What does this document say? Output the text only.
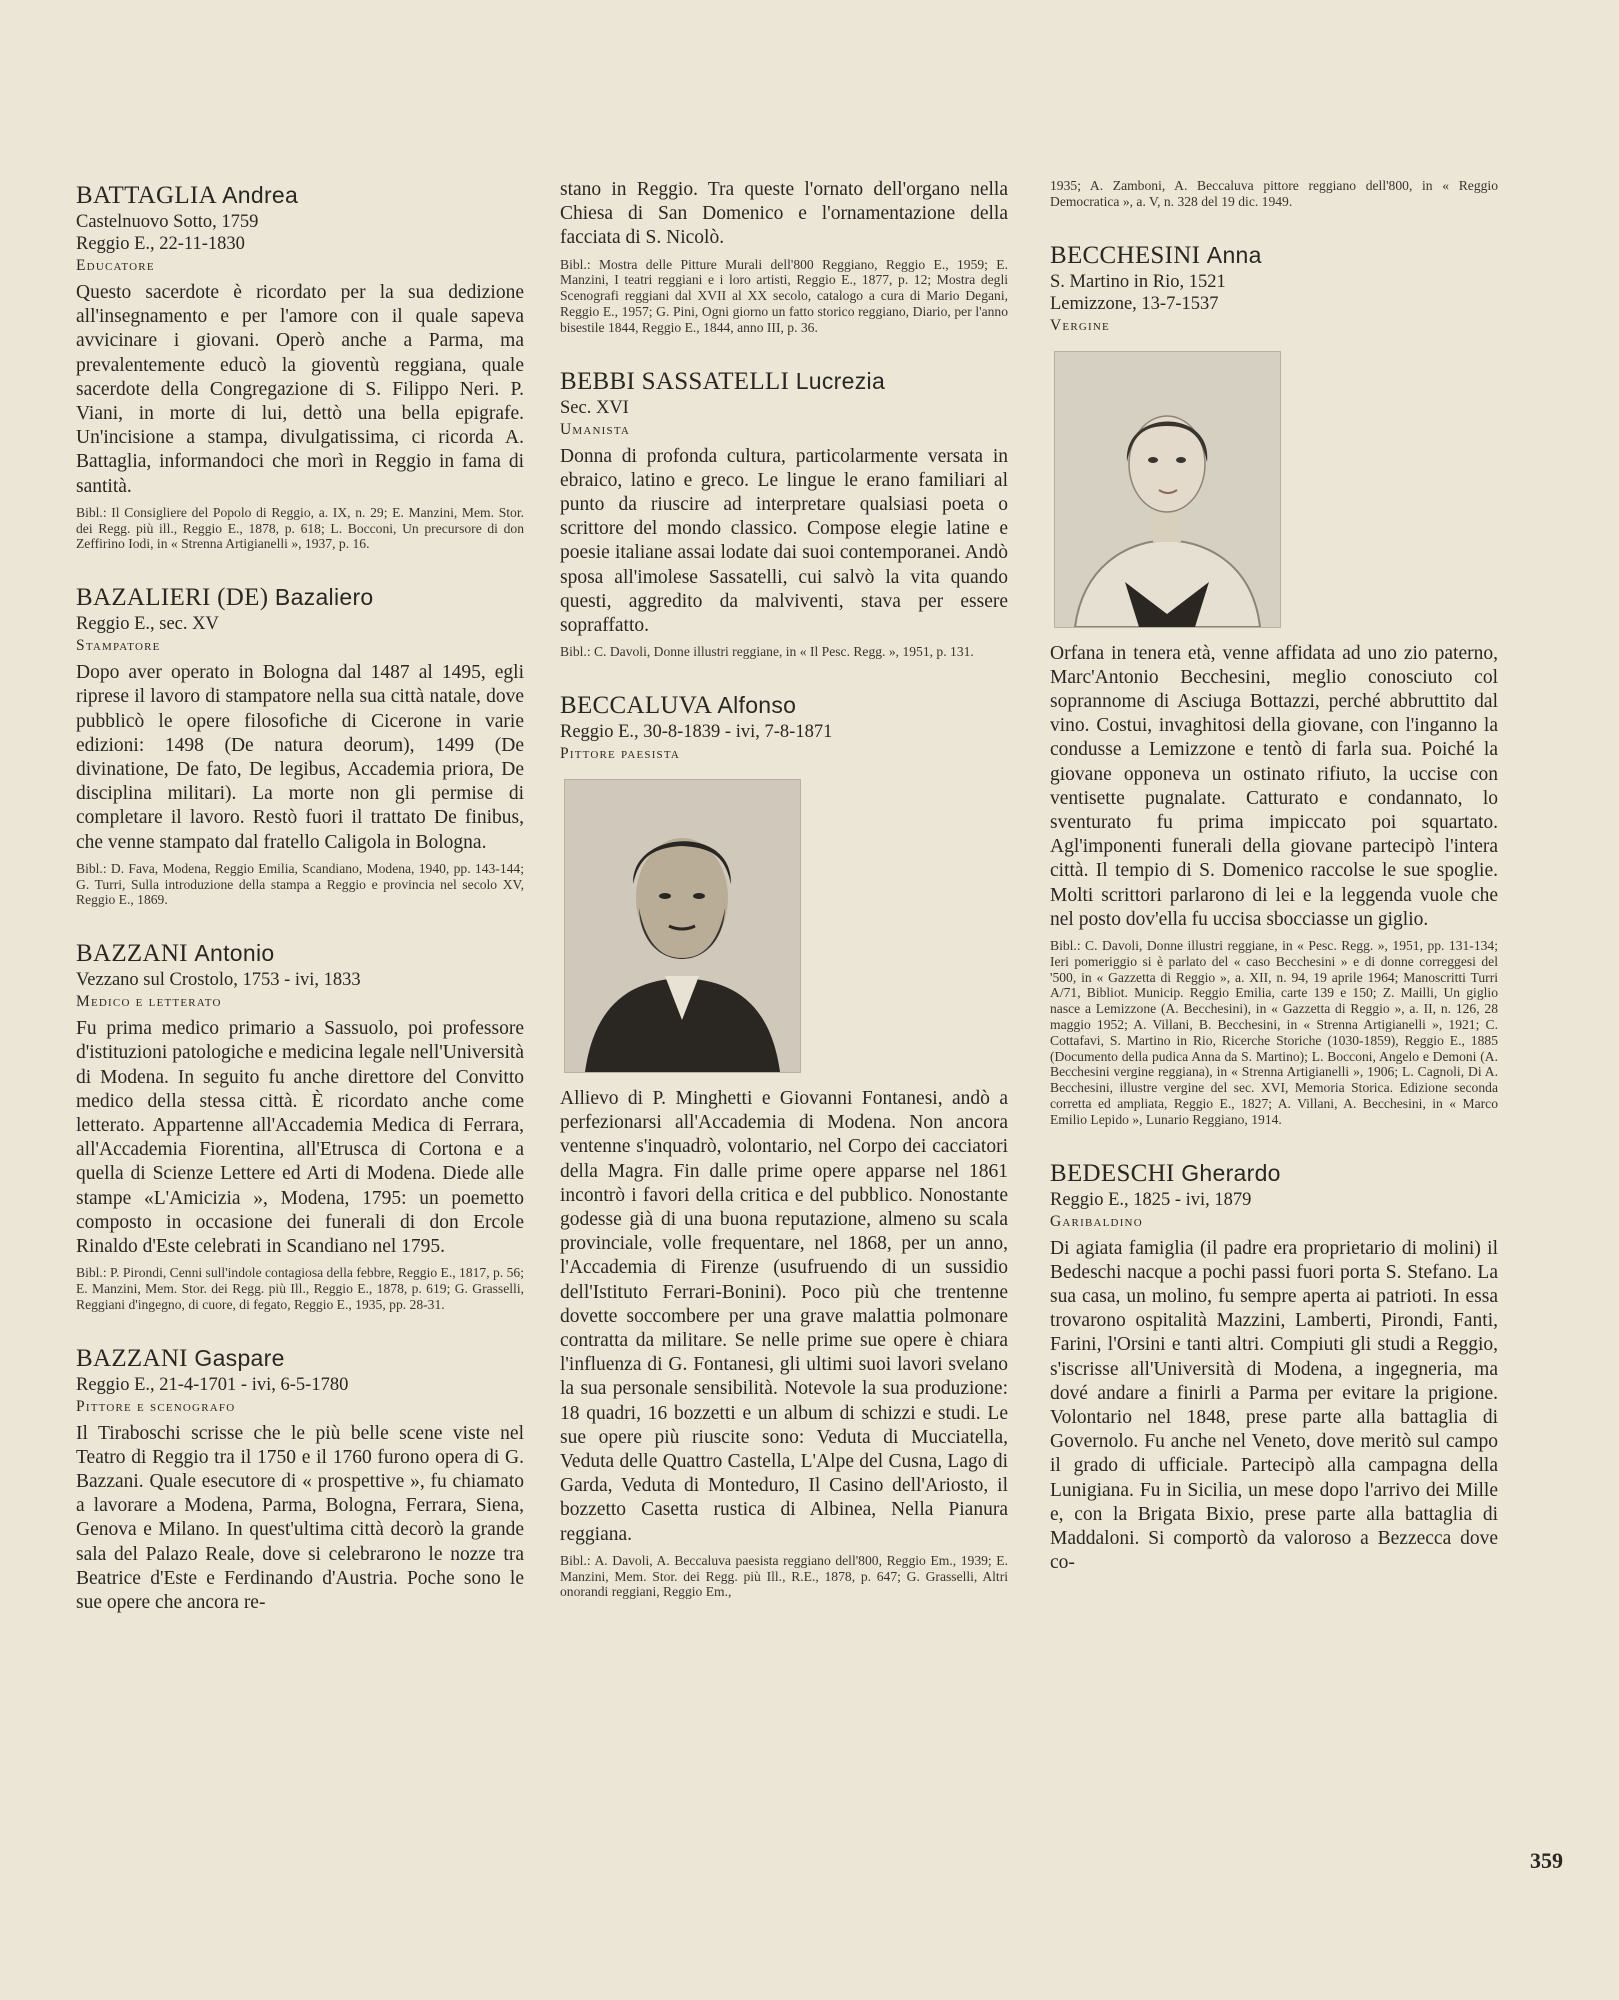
BATTAGLIA Andrea
Castelnuovo Sotto, 1759
Reggio E., 22-11-1830
Educatore

Questo sacerdote è ricordato per la sua dedizione all'insegnamento e per l'amore con il quale sapeva avvicinare i giovani. Operò anche a Parma, ma prevalentemente educò la gioventù reggiana, quale sacerdote della Congregazione di S. Filippo Neri. P. Viani, in morte di lui, dettò una bella epigrafe. Un'incisione a stampa, divulgatissima, ci ricorda A. Battaglia, informandoci che morì in Reggio in fama di santità.

Bibl.: Il Consigliere del Popolo di Reggio, a. IX, n. 29; E. Manzini, Mem. Stor. dei Regg. più ill., Reggio E., 1878, p. 618; L. Bocconi, Un precursore di don Zeffirino Iodi, in « Strenna Artigianelli », 1937, p. 16.

BAZALIERI (DE) Bazaliero
Reggio E., sec. XV
Stampatore

Dopo aver operato in Bologna dal 1487 al 1495, egli riprese il lavoro di stampatore nella sua città natale, dove pubblicò le opere filosofiche di Cicerone in varie edizioni: 1498 (De natura deorum), 1499 (De divinatione, De fato, De legibus, Accademia priora, De disciplina militari). La morte non gli permise di completare il lavoro. Restò fuori il trattato De finibus, che venne stampato dal fratello Caligola in Bologna.

Bibl.: D. Fava, Modena, Reggio Emilia, Scandiano, Modena, 1940, pp. 143-144; G. Turri, Sulla introduzione della stampa a Reggio e provincia nel secolo XV, Reggio E., 1869.

BAZZANI Antonio
Vezzano sul Crostolo, 1753 - ivi, 1833
Medico e letterato

Fu prima medico primario a Sassuolo, poi professore d'istituzioni patologiche e medicina legale nell'Università di Modena. In seguito fu anche direttore del Convitto medico della stessa città. È ricordato anche come letterato. Appartenne all'Accademia Medica di Ferrara, all'Accademia Fiorentina, all'Etrusca di Cortona e a quella di Scienze Lettere ed Arti di Modena. Diede alle stampe «L'Amicizia », Modena, 1795: un poemetto composto in occasione dei funerali di don Ercole Rinaldo d'Este celebrati in Scandiano nel 1795.

Bibl.: P. Pirondi, Cenni sull'indole contagiosa della febbre, Reggio E., 1817, p. 56; E. Manzini, Mem. Stor. dei Regg. più Ill., Reggio E., 1878, p. 619; G. Grasselli, Reggiani d'ingegno, di cuore, di fegato, Reggio E., 1935, pp. 28-31.

BAZZANI Gaspare
Reggio E., 21-4-1701 - ivi, 6-5-1780
Pittore e scenografo

Il Tiraboschi scrisse che le più belle scene viste nel Teatro di Reggio tra il 1750 e il 1760 furono opera di G. Bazzani. Quale esecutore di « prospettive », fu chiamato a lavorare a Modena, Parma, Bologna, Ferrara, Siena, Genova e Milano. In quest'ultima città decorò la grande sala del Palazo Reale, dove si celebrarono le nozze tra Beatrice d'Este e Ferdinando d'Austria. Poche sono le sue opere che ancora re-

stano in Reggio. Tra queste l'ornato dell'organo nella Chiesa di San Domenico e l'ornamentazione della facciata di S. Nicolò.

Bibl.: Mostra delle Pitture Murali dell'800 Reggiano, Reggio E., 1959; E. Manzini, I teatri reggiani e i loro artisti, Reggio E., 1877, p. 12; Mostra degli Scenografi reggiani dal XVII al XX secolo, catalogo a cura di Mario Degani, Reggio E., 1957; G. Pini, Ogni giorno un fatto storico reggiano, Diario, per l'anno bisestile 1844, Reggio E., 1844, anno III, p. 36.

BEBBI SASSATELLI Lucrezia
Sec. XVI
Umanista

Donna di profonda cultura, particolarmente versata in ebraico, latino e greco. Le lingue le erano familiari al punto da riuscire ad interpretare qualsiasi poeta o scrittore del mondo classico. Compose elegie latine e poesie italiane assai lodate dai suoi contemporanei. Andò sposa all'imolese Sassatelli, cui salvò la vita quando questi, aggredito da malviventi, stava per essere sopraffatto.

Bibl.: C. Davoli, Donne illustri reggiane, in « Il Pesc. Regg. », 1951, p. 131.

BECCALUVA Alfonso
Reggio E., 30-8-1839 - ivi, 7-8-1871
Pittore paesista

Allievo di P. Minghetti e Giovanni Fontanesi, andò a perfezionarsi all'Accademia di Modena. Non ancora ventenne s'inquadrò, volontario, nel Corpo dei cacciatori della Magra. Fin dalle prime opere apparse nel 1861 incontrò i favori della critica e del pubblico. Nonostante godesse già di una buona reputazione, almeno su scala provinciale, volle frequentare, nel 1868, per un anno, l'Accademia di Firenze (usufruendo di un sussidio dell'Istituto Ferrari-Bonini). Poco più che trentenne dovette soccombere per una grave malattia polmonare contratta da militare. Se nelle prime sue opere è chiara l'influenza di G. Fontanesi, gli ultimi suoi lavori svelano la sua personale sensibilità. Notevole la sua produzione: 18 quadri, 16 bozzetti e un album di schizzi e studi. Le sue opere più riuscite sono: Veduta di Mucciatella, Veduta delle Quattro Castella, L'Alpe del Cusna, Lago di Garda, Veduta di Monteduro, Il Casino dell'Ariosto, il bozzetto Casetta rustica di Albinea, Nella Pianura reggiana.

Bibl.: A. Davoli, A. Beccaluva paesista reggiano dell'800, Reggio Em., 1939; E. Manzini, Mem. Stor. dei Regg. più Ill., R.E., 1878, p. 647; G. Grasselli, Altri onorandi reggiani, Reggio Em.,

1935; A. Zamboni, A. Beccaluva pittore reggiano dell'800, in « Reggio Democratica », a. V, n. 328 del 19 dic. 1949.

BECCHESINI Anna
S. Martino in Rio, 1521
Lemizzone, 13-7-1537
Vergine

Orfana in tenera età, venne affidata ad uno zio paterno, Marc'Antonio Becchesini, meglio conosciuto col soprannome di Asciuga Bottazzi, perché abbruttito dal vino. Costui, invaghitosi della giovane, con l'inganno la condusse a Lemizzone e tentò di farla sua. Poiché la giovane opponeva un ostinato rifiuto, la uccise con ventisette pugnalate. Catturato e condannato, lo sventurato fu prima impiccato poi squartato. Agl'imponenti funerali della giovane partecipò l'intera città. Il tempio di S. Domenico raccolse le sue spoglie. Molti scrittori parlarono di lei e la leggenda vuole che nel posto dov'ella fu uccisa sbocciasse un giglio.

Bibl.: C. Davoli, Donne illustri reggiane, in « Pesc. Regg. », 1951, pp. 131-134; Ieri pomeriggio si è parlato del « caso Becchesini » e di donne correggesi del '500, in « Gazzetta di Reggio », a. XII, n. 94, 19 aprile 1964; Manoscritti Turri A/71, Bibliot. Municip. Reggio Emilia, carte 139 e 150; Z. Mailli, Un giglio nasce a Lemizzone (A. Becchesini), in « Gazzetta di Reggio », a. II, n. 126, 28 maggio 1952; A. Villani, B. Becchesini, in « Strenna Artigianelli », 1921; C. Cottafavi, S. Martino in Rio, Ricerche Storiche (1030-1859), Reggio E., 1885 (Documento della pudica Anna da S. Martino); L. Bocconi, Angelo e Demoni (A. Becchesini vergine reggiana), in « Strenna Artigianelli », 1906; L. Cagnoli, Di A. Becchesini, illustre vergine del sec. XVI, Memoria Storica. Edizione seconda corretta ed ampliata, Reggio E., 1827; A. Villani, A. Becchesini, in « Marco Emilio Lepido », Lunario Reggiano, 1914.

BEDESCHI Gherardo
Reggio E., 1825 - ivi, 1879
Garibaldino

Di agiata famiglia (il padre era proprietario di molini) il Bedeschi nacque a pochi passi fuori porta S. Stefano. La sua casa, un molino, fu sempre aperta ai patrioti. In essa trovarono ospitalità Mazzini, Lamberti, Pirondi, Fanti, Farini, l'Orsini e tanti altri. Compiuti gli studi a Reggio, s'iscrisse all'Università di Modena, a ingegneria, ma dové andare a finirli a Parma per evitare la prigione. Volontario nel 1848, prese parte alla battaglia di Governolo. Fu anche nel Veneto, dove meritò sul campo il grado di ufficiale. Partecipò alla campagna della Lunigiana. Fu in Sicilia, un mese dopo l'arrivo dei Mille e, con la Brigata Bixio, prese parte alla battaglia di Maddaloni. Si comportò da valoroso a Bezzecca dove co-

359
